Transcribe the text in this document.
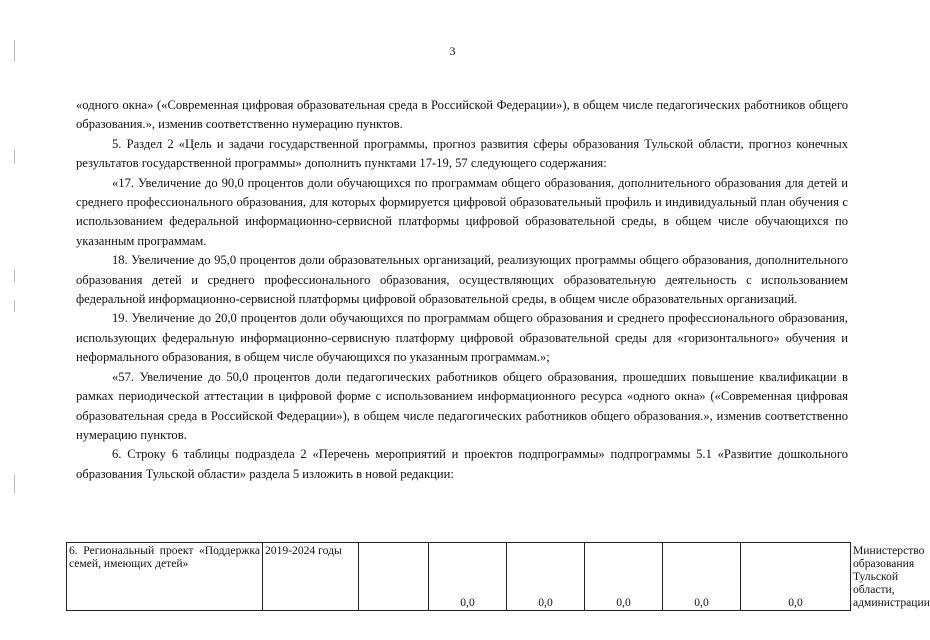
3

«одного окна» («Современная цифровая образовательная среда в Российской Федерации»), в общем числе педагогических работников общего образования.», изменив соответственно нумерацию пунктов.

5. Раздел 2 «Цель и задачи государственной программы, прогноз развития сферы образования Тульской области, прогноз конечных результатов государственной программы» дополнить пунктами 17-19, 57 следующего содержания:

«17. Увеличение до 90,0 процентов доли обучающихся по программам общего образования, дополнительного образования для детей и среднего профессионального образования, для которых формируется цифровой образовательный профиль и индивидуальный план обучения с использованием федеральной информационно-сервисной платформы цифровой образовательной среды, в общем числе обучающихся по указанным программам.

18. Увеличение до 95,0 процентов доли образовательных организаций, реализующих программы общего образования, дополнительного образования детей и среднего профессионального образования, осуществляющих образовательную деятельность с использованием федеральной информационно-сервисной платформы цифровой образовательной среды, в общем числе образовательных организаций.

19. Увеличение до 20,0 процентов доли обучающихся по программам общего образования и среднего профессионального образования, использующих федеральную информационно-сервисную платформу цифровой образовательной среды для «горизонтального» обучения и неформального образования, в общем числе обучающихся по указанным программам.»;

«57. Увеличение до 50,0 процентов доли педагогических работников общего образования, прошедших повышение квалификации в рамках периодической аттестации в цифровой форме с использованием информационного ресурса «одного окна» («Современная цифровая образовательная среда в Российской Федерации»), в общем числе педагогических работников общего образования.», изменив соответственно нумерацию пунктов.

6. Строку 6 таблицы подраздела 2 «Перечень мероприятий и проектов подпрограммы» подпрограммы 5.1 «Развитие дошкольного образования Тульской области» раздела 5 изложить в новой редакции:

6. Региональный проект «Поддержка семей, имеющих детей»	2019-2024 годы		0,0	0,0	0,0	0,0	0,0	Министерство образования Тульской области, администрации
